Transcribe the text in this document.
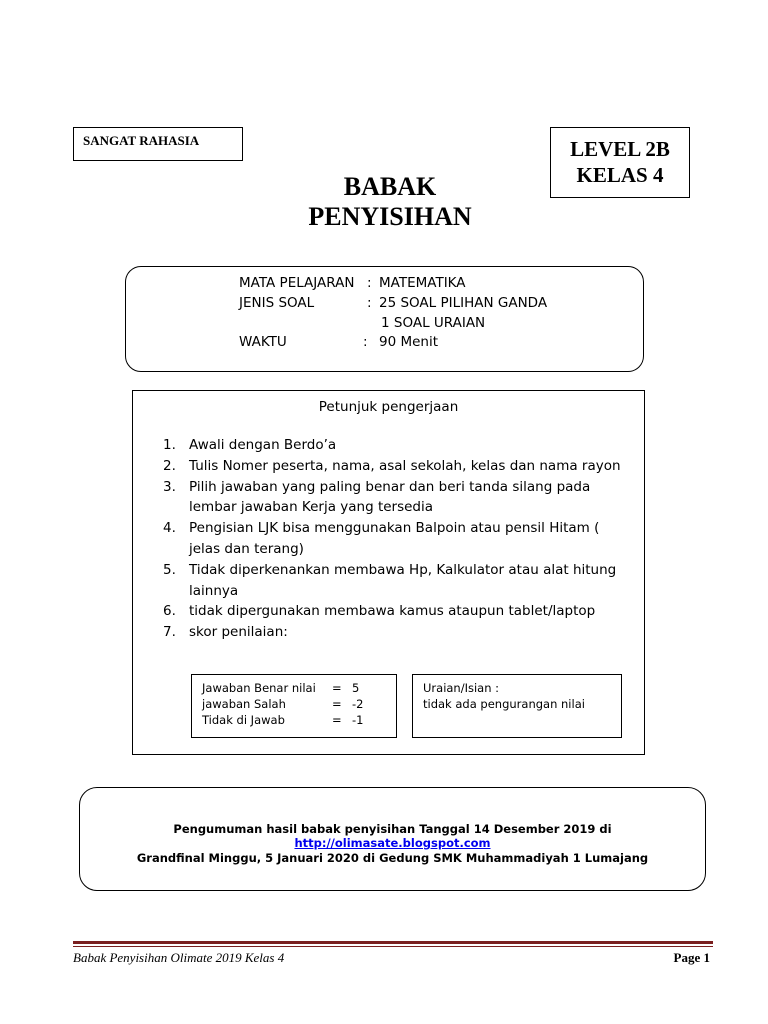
SANGAT RAHASIA	LEVEL 2B
KELAS 4
BABAK
PENYISIHAN
MATA PELAJARAN : MATEMATIKA
JENIS SOAL	: 25 SOAL PILIHAN GANDA
1 SOAL URAIAN
WAKTU	: 90 Menit
Petunjuk pengerjaan
1. Awali dengan Berdo’a
2. Tulis Nomer peserta, nama, asal sekolah, kelas dan nama rayon
3. Pilih jawaban yang paling benar dan beri tanda silang pada lembar jawaban Kerja yang tersedia
4. Pengisian LJK bisa menggunakan Balpoin atau pensil Hitam ( jelas dan terang)
5. Tidak diperkenankan membawa Hp, Kalkulator atau alat hitung lainnya
6. tidak dipergunakan membawa kamus ataupun tablet/laptop
7. skor penilaian:
Jawaban Benar nilai = 5
jawaban Salah	= -2
Tidak di Jawab	= -1
Uraian/Isian :
tidak ada pengurangan nilai
Pengumuman hasil babak penyisihan Tanggal 14 Desember 2019 di http://olimasate.blogspot.com
Grandfinal Minggu, 5 Januari 2020 di Gedung SMK Muhammadiyah 1 Lumajang
Babak Penyisihan Olimate 2019 Kelas 4	Page 1
